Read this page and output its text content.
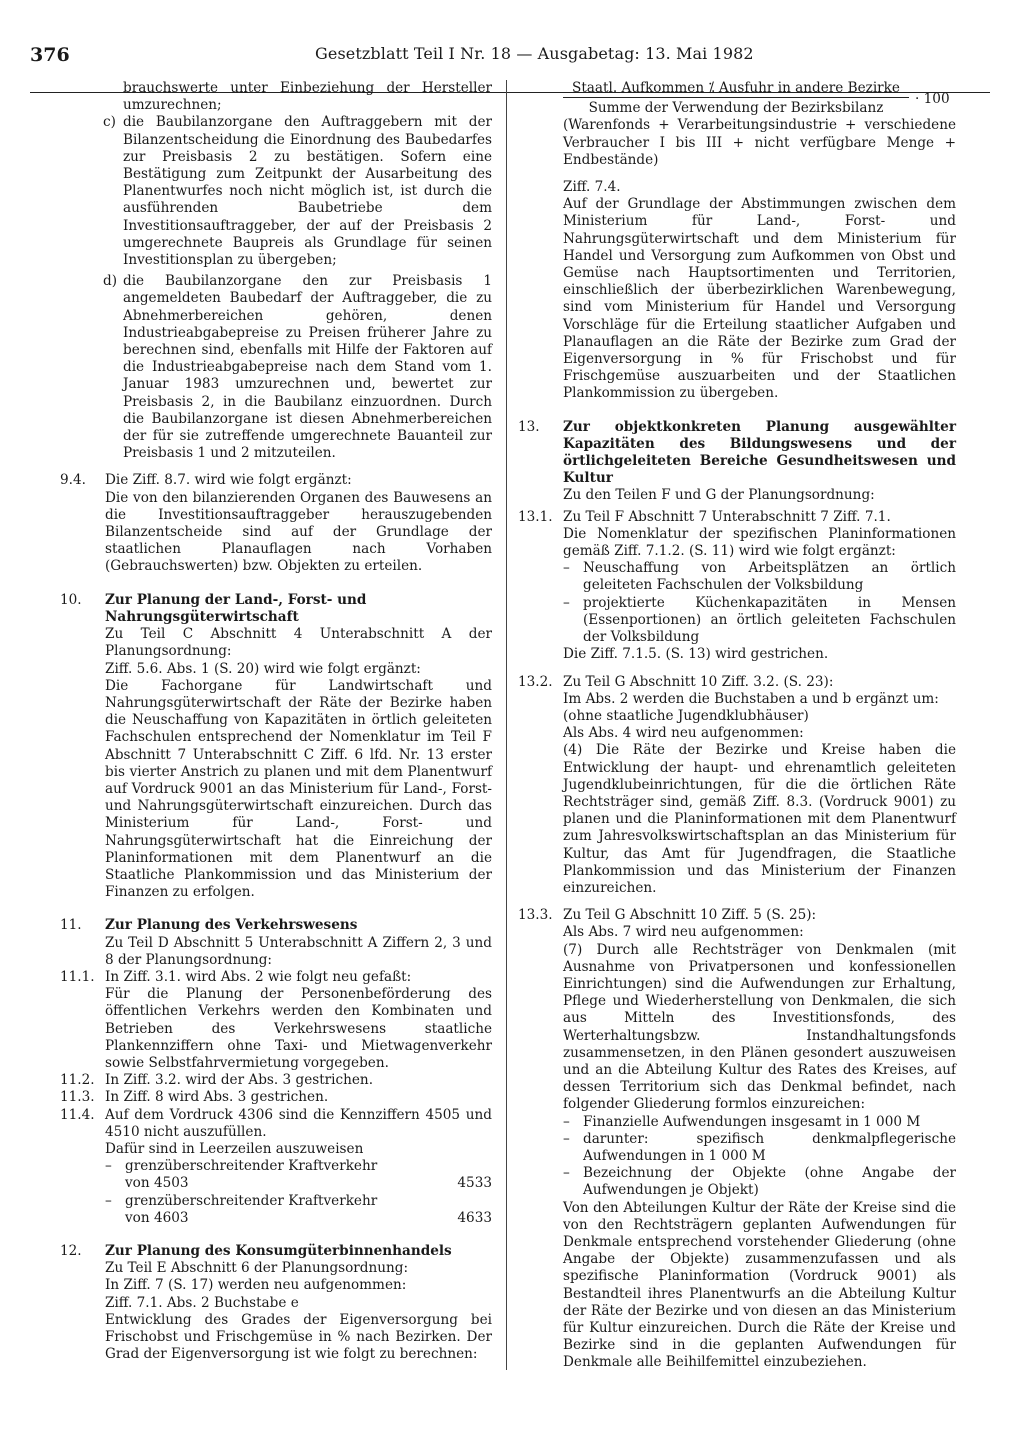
376	Gesetzblatt Teil I Nr. 18 — Ausgabetag: 13. Mai 1982

brauchswerte unter Einbeziehung der Hersteller umzurechnen;

c) die Baubilanzorgane den Auftraggebern mit der Bilanzentscheidung die Einordnung des Baubedarfes zur Preisbasis 2 zu bestätigen. Sofern eine Bestätigung zum Zeitpunkt der Ausarbeitung des Planentwurfes noch nicht möglich ist, ist durch die ausführenden Baubetriebe dem Investitionsauftraggeber, der auf der Preisbasis 2 umgerechnete Baupreis als Grundlage für seinen Investitionsplan zu übergeben;
d) die Baubilanzorgane den zur Preisbasis 1 angemeldeten Baubedarf der Auftraggeber, die zu Abnehmerbereichen gehören, denen Industrieabgabepreise zu Preisen früherer Jahre zu berechnen sind, ebenfalls mit Hilfe der Faktoren auf die Industrieabgabepreise nach dem Stand vom 1. Januar 1983 umzurechnen und, bewertet zur Preisbasis 2, in die Baubilanz einzuordnen. Durch die Baubilanzorgane ist diesen Abnehmerbereichen der für sie zutreffende umgerechnete Bauanteil zur Preisbasis 1 und 2 mitzuteilen.
9.4. Die Ziff. 8.7. wird wie folgt ergänzt:
Die von den bilanzierenden Organen des Bauwesens an die Investitionsauftraggeber herauszugebenden Bilanzentscheide sind auf der Grundlage der staatlichen Planauflagen nach Vorhaben (Gebrauchswerten) bzw. Objekten zu erteilen.
10. Zur Planung der Land-, Forst- und Nahrungsgüterwirtschaft
Zu Teil C Abschnitt 4 Unterabschnitt A der Planungsordnung:
Ziff. 5.6. Abs. 1 (S. 20) wird wie folgt ergänzt:
Die Fachorgane für Landwirtschaft und Nahrungsgüterwirtschaft der Räte der Bezirke haben die Neuschaffung von Kapazitäten in örtlich geleiteten Fachschulen entsprechend der Nomenklatur im Teil F Abschnitt 7 Unterabschnitt C Ziff. 6 lfd. Nr. 13 erster bis vierter Anstrich zu planen und mit dem Planentwurf auf Vordruck 9001 an das Ministerium für Land-, Forst- und Nahrungsgüterwirtschaft einzureichen. Durch das Ministerium für Land-, Forst- und Nahrungsgüterwirtschaft hat die Einreichung der Planinformationen mit dem Planentwurf an die Staatliche Plankommission und das Ministerium der Finanzen zu erfolgen.
11. Zur Planung des Verkehrswesens
Zu Teil D Abschnitt 5 Unterabschnitt A Ziffern 2, 3 und 8 der Planungsordnung:
11.1. In Ziff. 3.1. wird Abs. 2 wie folgt neu gefaßt:
Für die Planung der Personenbeförderung des öffentlichen Verkehrs werden den Kombinaten und Betrieben des Verkehrswesens staatliche Plankennziffern ohne Taxi- und Mietwagenverkehr sowie Selbstfahrvermietung vorgegeben.
11.2. In Ziff. 3.2. wird der Abs. 3 gestrichen.
11.3. In Ziff. 8 wird Abs. 3 gestrichen.
11.4. Auf dem Vordruck 4306 sind die Kennziffern 4505 und 4510 nicht auszufüllen.
Dafür sind in Leerzeilen auszuweisen
– grenzüberschreitender Kraftverkehr
von 4503	4533
– grenzüberschreitender Kraftverkehr
von 4603	4633
12. Zur Planung des Konsumgüterbinnenhandels
Zu Teil E Abschnitt 6 der Planungsordnung:
In Ziff. 7 (S. 17) werden neu aufgenommen:
Ziff. 7.1. Abs. 2 Buchstabe e
Entwicklung des Grades der Eigenversorgung bei Frischobst und Frischgemüse in % nach Bezirken. Der Grad der Eigenversorgung ist wie folgt zu berechnen:
Staatl. Aufkommen ⁒ Ausfuhr in andere Bezirke
Summe der Verwendung der Bezirksbilanz
· 100
(Warenfonds + Verarbeitungsindustrie + verschiedene Verbraucher I bis III + nicht verfügbare Menge + Endbestände)
Ziff. 7.4.
Auf der Grundlage der Abstimmungen zwischen dem Ministerium für Land-, Forst- und Nahrungsgüterwirtschaft und dem Ministerium für Handel und Versorgung zum Aufkommen von Obst und Gemüse nach Hauptsortimenten und Territorien, einschließlich der überbezirklichen Warenbewegung, sind vom Ministerium für Handel und Versorgung Vorschläge für die Erteilung staatlicher Aufgaben und Planauflagen an die Räte der Bezirke zum Grad der Eigenversorgung in % für Frischobst und für Frischgemüse auszuarbeiten und der Staatlichen Plankommission zu übergeben.
13. Zur objektkonkreten Planung ausgewählter Kapazitäten des Bildungswesens und der örtlichgeleiteten Bereiche Gesundheitswesen und Kultur
Zu den Teilen F und G der Planungsordnung:
13.1. Zu Teil F Abschnitt 7 Unterabschnitt 7 Ziff. 7.1.
Die Nomenklatur der spezifischen Planinformationen gemäß Ziff. 7.1.2. (S. 11) wird wie folgt ergänzt:
– Neuschaffung von Arbeitsplätzen an örtlich geleiteten Fachschulen der Volksbildung
– projektierte Küchenkapazitäten in Mensen (Essenportionen) an örtlich geleiteten Fachschulen der Volksbildung
Die Ziff. 7.1.5. (S. 13) wird gestrichen.
13.2. Zu Teil G Abschnitt 10 Ziff. 3.2. (S. 23):
Im Abs. 2 werden die Buchstaben a und b ergänzt um:
(ohne staatliche Jugendklubhäuser)
Als Abs. 4 wird neu aufgenommen:
(4) Die Räte der Bezirke und Kreise haben die Entwicklung der haupt- und ehrenamtlich geleiteten Jugendklubeinrichtungen, für die die örtlichen Räte Rechtsträger sind, gemäß Ziff. 8.3. (Vordruck 9001) zu planen und die Planinformationen mit dem Planentwurf zum Jahresvolkswirtschaftsplan an das Ministerium für Kultur, das Amt für Jugendfragen, die Staatliche Plankommission und das Ministerium der Finanzen einzureichen.
13.3. Zu Teil G Abschnitt 10 Ziff. 5 (S. 25):
Als Abs. 7 wird neu aufgenommen:
(7) Durch alle Rechtsträger von Denkmalen (mit Ausnahme von Privatpersonen und konfessionellen Einrichtungen) sind die Aufwendungen zur Erhaltung, Pflege und Wiederherstellung von Denkmalen, die sich aus Mitteln des Investitionsfonds, des Werterhaltungsbzw. Instandhaltungsfonds zusammensetzen, in den Plänen gesondert auszuweisen und an die Abteilung Kultur des Rates des Kreises, auf dessen Territorium sich das Denkmal befindet, nach folgender Gliederung formlos einzureichen:
– Finanzielle Aufwendungen insgesamt in 1 000 M
– darunter: spezifisch denkmalpflegerische Aufwendungen in 1 000 M
– Bezeichnung der Objekte (ohne Angabe der Aufwendungen je Objekt)
Von den Abteilungen Kultur der Räte der Kreise sind die von den Rechtsträgern geplanten Aufwendungen für Denkmale entsprechend vorstehender Gliederung (ohne Angabe der Objekte) zusammenzufassen und als spezifische Planinformation (Vordruck 9001) als Bestandteil ihres Planentwurfs an die Abteilung Kultur der Räte der Bezirke und von diesen an das Ministerium für Kultur einzureichen. Durch die Räte der Kreise und Bezirke sind in die geplanten Aufwendungen für Denkmale alle Beihilfemittel einzubeziehen.
